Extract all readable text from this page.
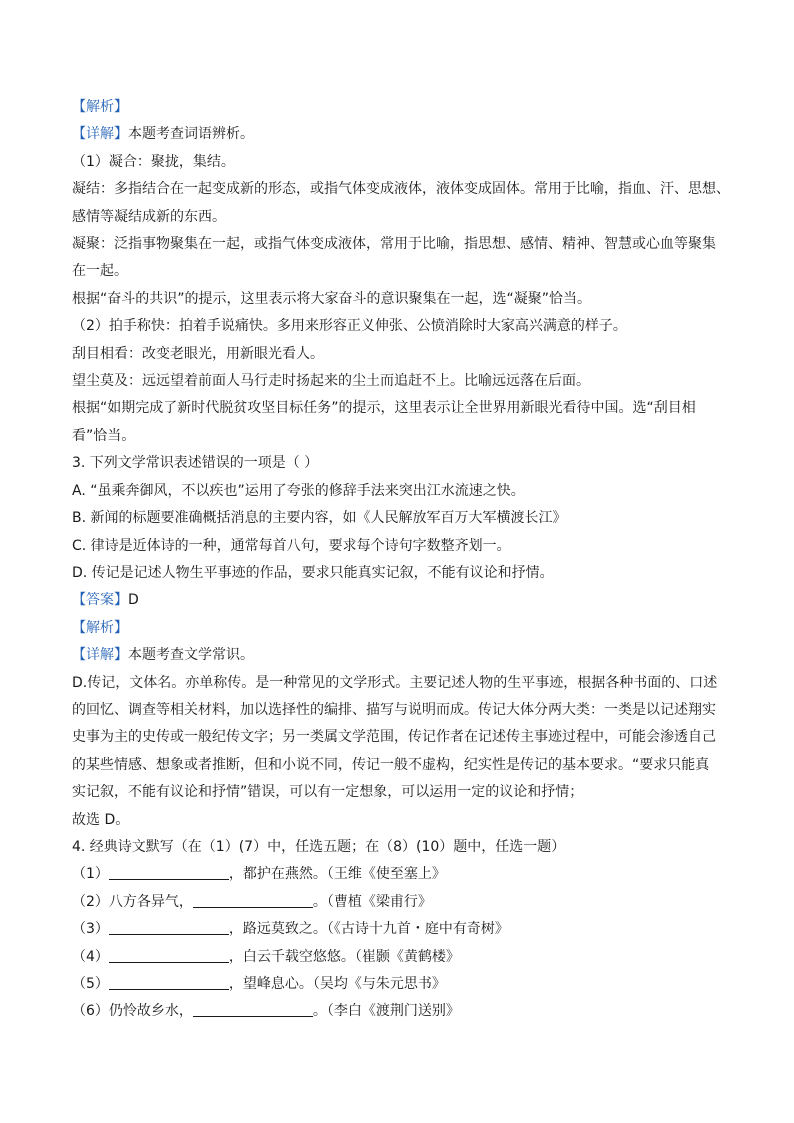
【解析】
【详解】本题考查词语辨析。
（1）凝合：聚拢，集结。
凝结：多指结合在一起变成新的形态，或指气体变成液体，液体变成固体。常用于比喻，指血、汗、思想、
感情等凝结成新的东西。
凝聚：泛指事物聚集在一起，或指气体变成液体，常用于比喻，指思想、感情、精神、智慧或心血等聚集
在一起。
根据“奋斗的共识”的提示，这里表示将大家奋斗的意识聚集在一起，选“凝聚”恰当。
（2）拍手称快：拍着手说痛快。多用来形容正义伸张、公愤消除时大家高兴满意的样子。
刮目相看：改变老眼光，用新眼光看人。
望尘莫及：远远望着前面人马行走时扬起来的尘土而追赶不上。比喻远远落在后面。
根据“如期完成了新时代脱贫攻坚目标任务”的提示，这里表示让全世界用新眼光看待中国。选“刮目相
看”恰当。
3. 下列文学常识表述错误的一项是（ ）
A. “虽乘奔御风，不以疾也”运用了夸张的修辞手法来突出江水流速之快。
B. 新闻的标题要准确概括消息的主要内容，如《人民解放军百万大军横渡长江》
C. 律诗是近体诗的一种，通常每首八句，要求每个诗句字数整齐划一。
D. 传记是记述人物生平事迹的作品，要求只能真实记叙，不能有议论和抒情。
【答案】D
【解析】
【详解】本题考查文学常识。
D.传记，文体名。亦单称传。是一种常见的文学形式。主要记述人物的生平事迹，根据各种书面的、口述
的回忆、调查等相关材料，加以选择性的编排、描写与说明而成。传记大体分两大类：一类是以记述翔实
史事为主的史传或一般纪传文字；另一类属文学范围，传记作者在记述传主事迹过程中，可能会渗透自己
的某些情感、想象或者推断，但和小说不同，传记一般不虚构，纪实性是传记的基本要求。“要求只能真
实记叙，不能有议论和抒情”错误，可以有一定想象，可以运用一定的议论和抒情；
故选 D。
4. 经典诗文默写（在（1）(7）中，任选五题；在（8）(10）题中，任选一题）
（1）	，都护在燕然。（王维《使至塞上》
（2）八方各异气，	。（曹植《梁甫行》
（3）	，路远莫致之。（《古诗十九首・庭中有奇树》
（4）	，白云千载空悠悠。（崔颢《黄鹤楼》
（5）	，望峰息心。（吴均《与朱元思书》
（6）仍怜故乡水，	。（李白《渡荆门送别》
